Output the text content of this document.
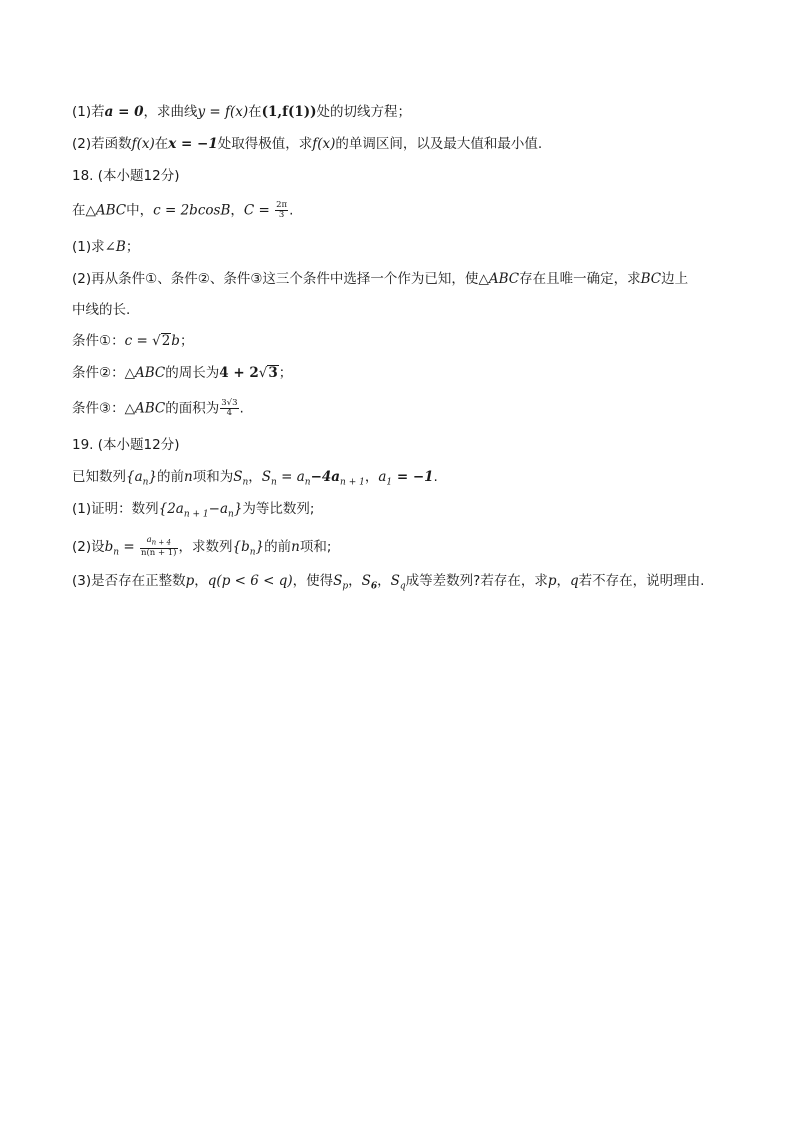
(1)若a = 0，求曲线y = f(x)在(1,f(1))处的切线方程；
(2)若函数f(x)在x = −1处取得极值，求f(x)的单调区间，以及最大值和最小值.
18. (本小题12分)
在△ABC中，c = 2bcosB，$C = \frac{2\pi}{3}$ .
(1)求∠B；
(2)再从条件①、条件②、条件③这三个条件中选择一个作为已知，使△ABC存在且唯一确定，求BC边上
中线的长.
条件①：c = √2b；
条件②：△ABC的周长为4 + 2√3；
条件③：△ABC的面积为 $\frac{3√3}{4}$ .
19. (本小题12分)
已知数列$\{a_n\}$的前n项和为$S_n$，$S_n = a_n-4a_{n + 1}$，$a_1 = -1$.
(1)证明：数列$\{2a_{n + 1}-a_n\}$为等比数列;
(2)设$b_n = \frac{a_{n + 4}}{n(n + 1)}$ ，求数列$\{b_n\}$的前n项和;
(3)是否存在正整数p，q(p < 6 < q)，使得$S_p$，$S_6$，$S_q$成等差数列?若存在，求p，q若不存在，说明理由.
